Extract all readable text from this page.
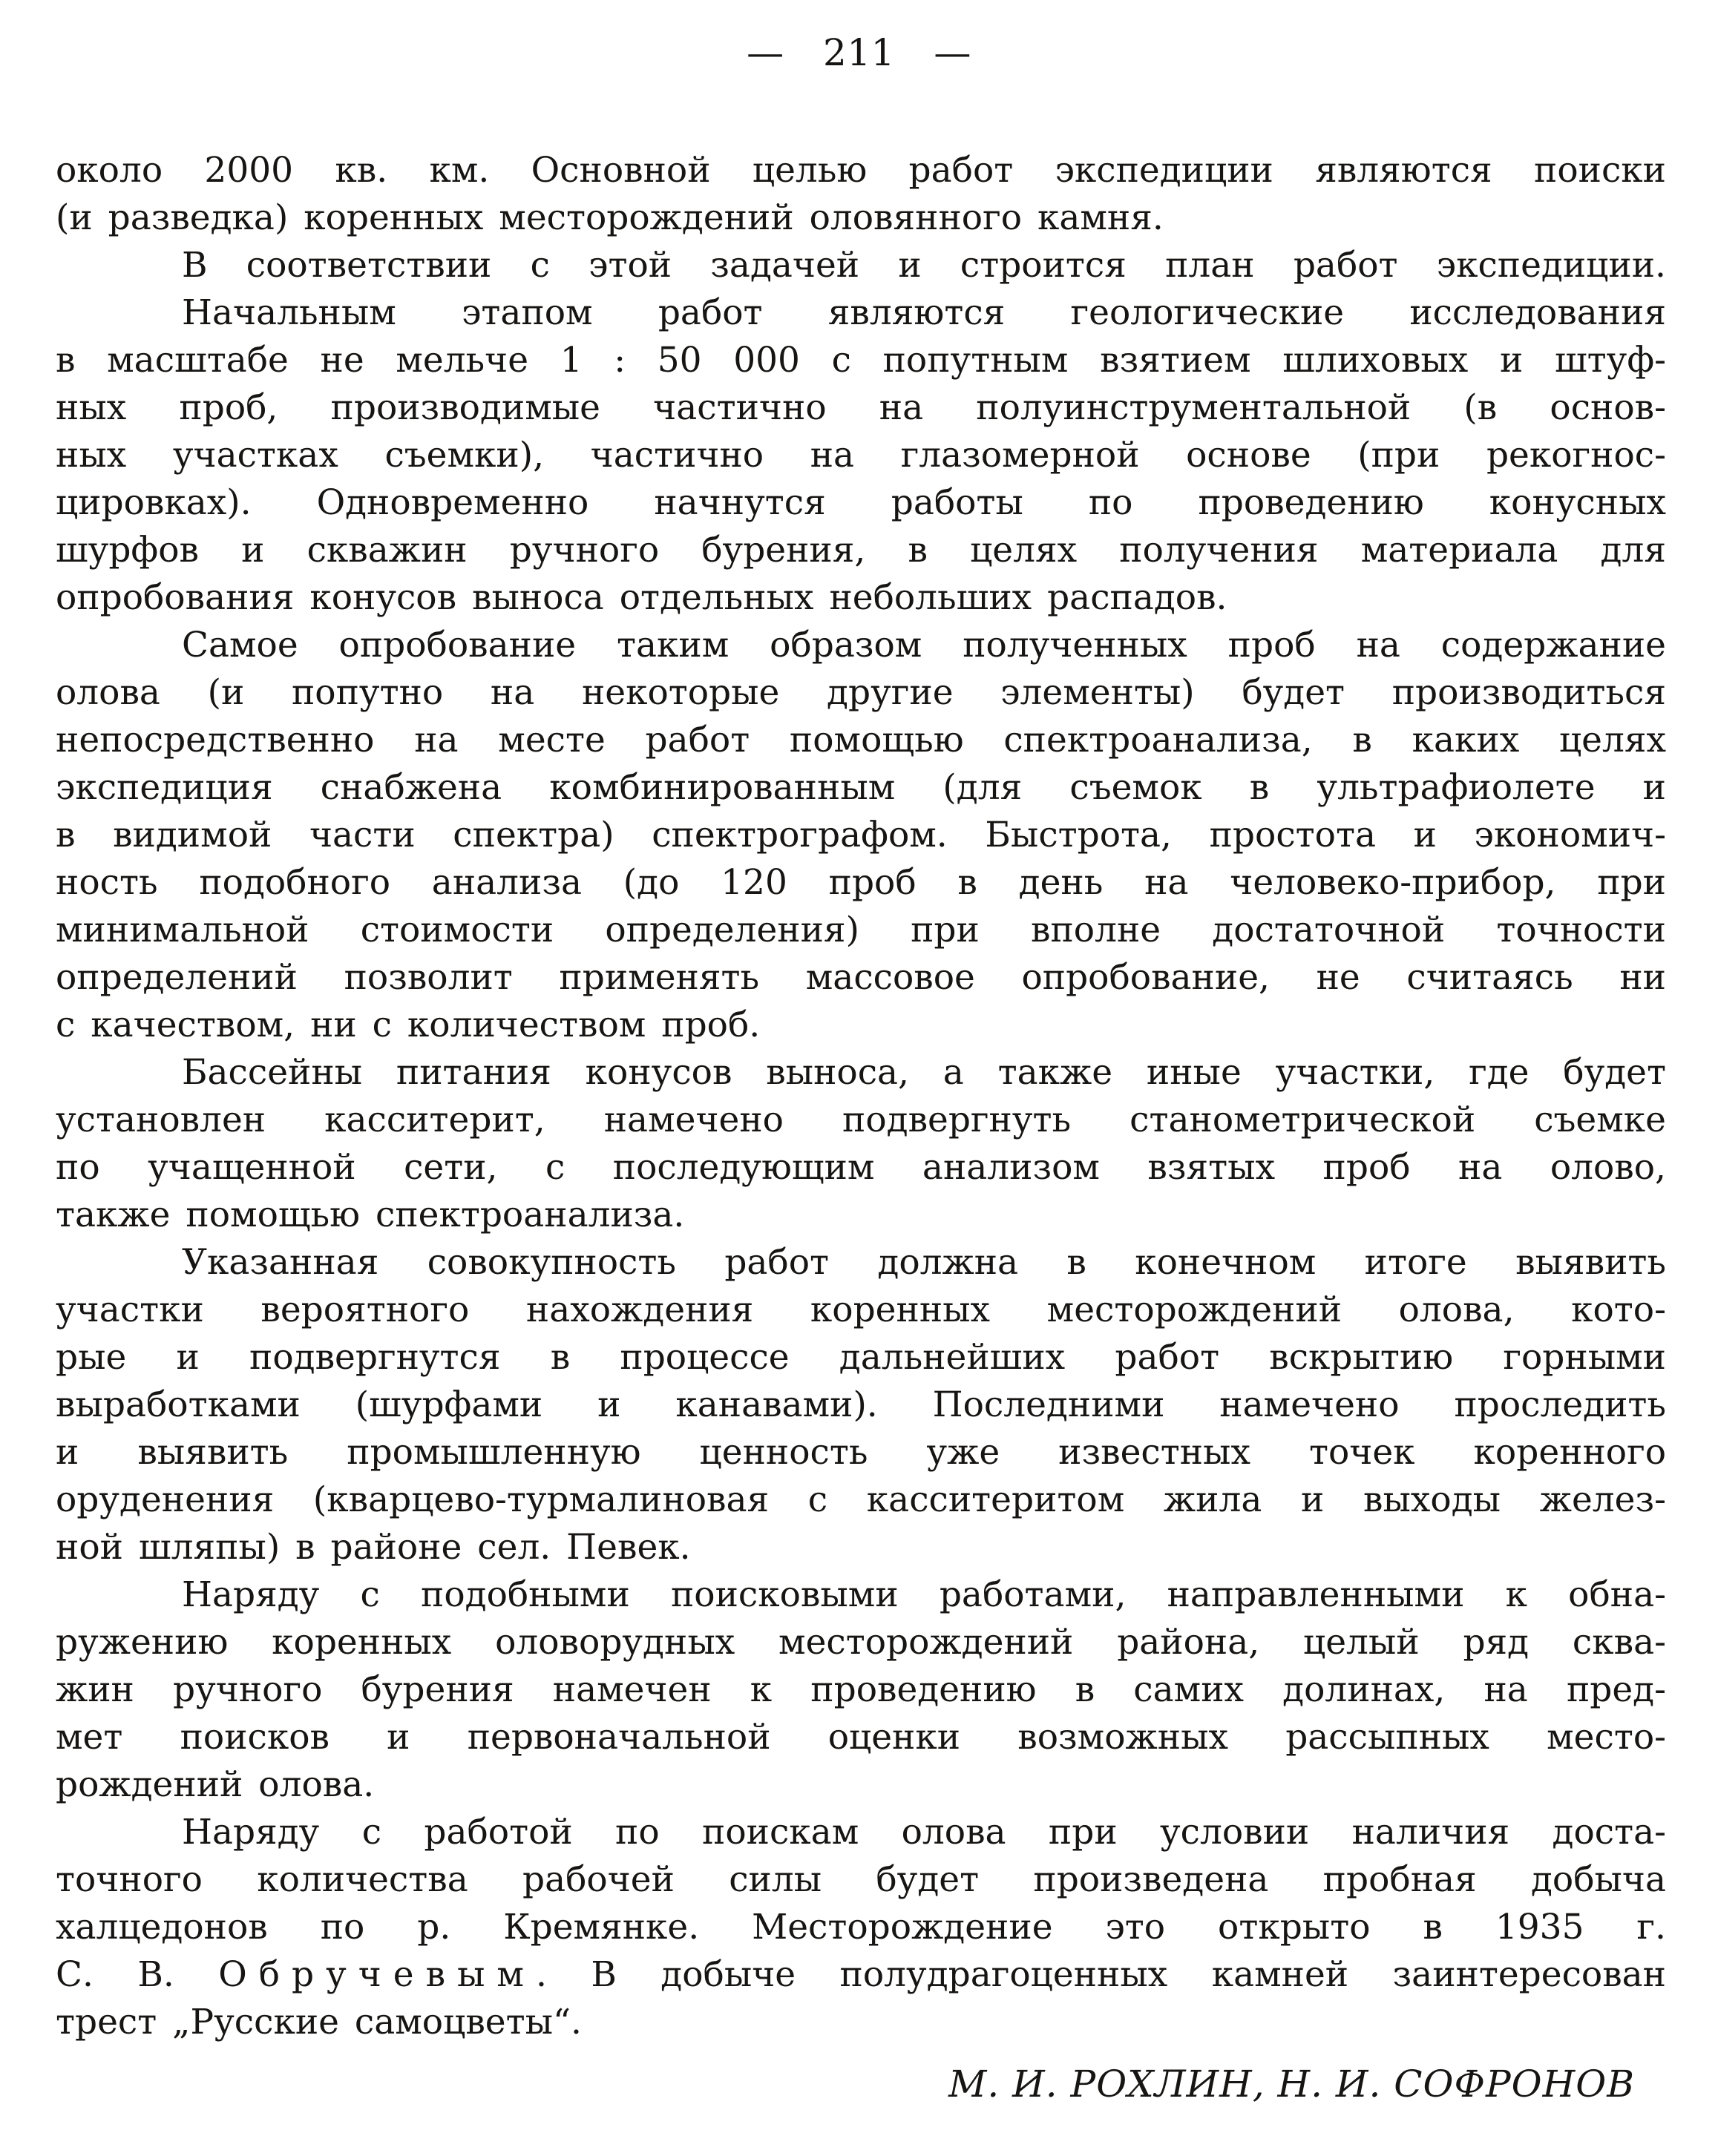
— 211 —
около 2000 кв. км. Основной целью работ экспедиции являются поиски
(и разведка) коренных месторождений оловянного камня.
В соответствии с этой задачей и строится план работ экспедиции.
Начальным этапом работ являются геологические исследования
в масштабе не мельче 1 : 50 000 с попутным взятием шлиховых и штуф-
ных проб, производимые частично на полуинструментальной (в основ-
ных участках съемки), частично на глазомерной основе (при рекогнос-
цировках). Одновременно начнутся работы по проведению конусных
шурфов и скважин ручного бурения, в целях получения материала для
опробования конусов выноса отдельных небольших распадов.
Самое опробование таким образом полученных проб на содержание
олова (и попутно на некоторые другие элементы) будет производиться
непосредственно на месте работ помощью спектроанализа, в каких целях
экспедиция снабжена комбинированным (для съемок в ультрафиолете и
в видимой части спектра) спектрографом. Быстрота, простота и экономич-
ность подобного анализа (до 120 проб в день на человеко-прибор, при
минимальной стоимости определения) при вполне достаточной точности
определений позволит применять массовое опробование, не считаясь ни
с качеством, ни с количеством проб.
Бассейны питания конусов выноса, а также иные участки, где будет
установлен касситерит, намечено подвергнуть станометрической съемке
по учащенной сети, с последующим анализом взятых проб на олово,
также помощью спектроанализа.
Указанная совокупность работ должна в конечном итоге выявить
участки вероятного нахождения коренных месторождений олова, кото-
рые и подвергнутся в процессе дальнейших работ вскрытию горными
выработками (шурфами и канавами). Последними намечено проследить
и выявить промышленную ценность уже известных точек коренного
оруденения (кварцево-турмалиновая с касситеритом жила и выходы желез-
ной шляпы) в районе сел. Певек.
Наряду с подобными поисковыми работами, направленными к обна-
ружению коренных оловорудных месторождений района, целый ряд сква-
жин ручного бурения намечен к проведению в самих долинах, на пред-
мет поисков и первоначальной оценки возможных рассыпных место-
рождений олова.
Наряду с работой по поискам олова при условии наличия доста-
точного количества рабочей силы будет произведена пробная добыча
халцедонов по р. Кремянке. Месторождение это открыто в 1935 г.
С. В. Обручевым. В добыче полудрагоценных камней заинтересован
трест „Русские самоцветы“.
М. И. РОХЛИН, Н. И. СОФРОНОВ
